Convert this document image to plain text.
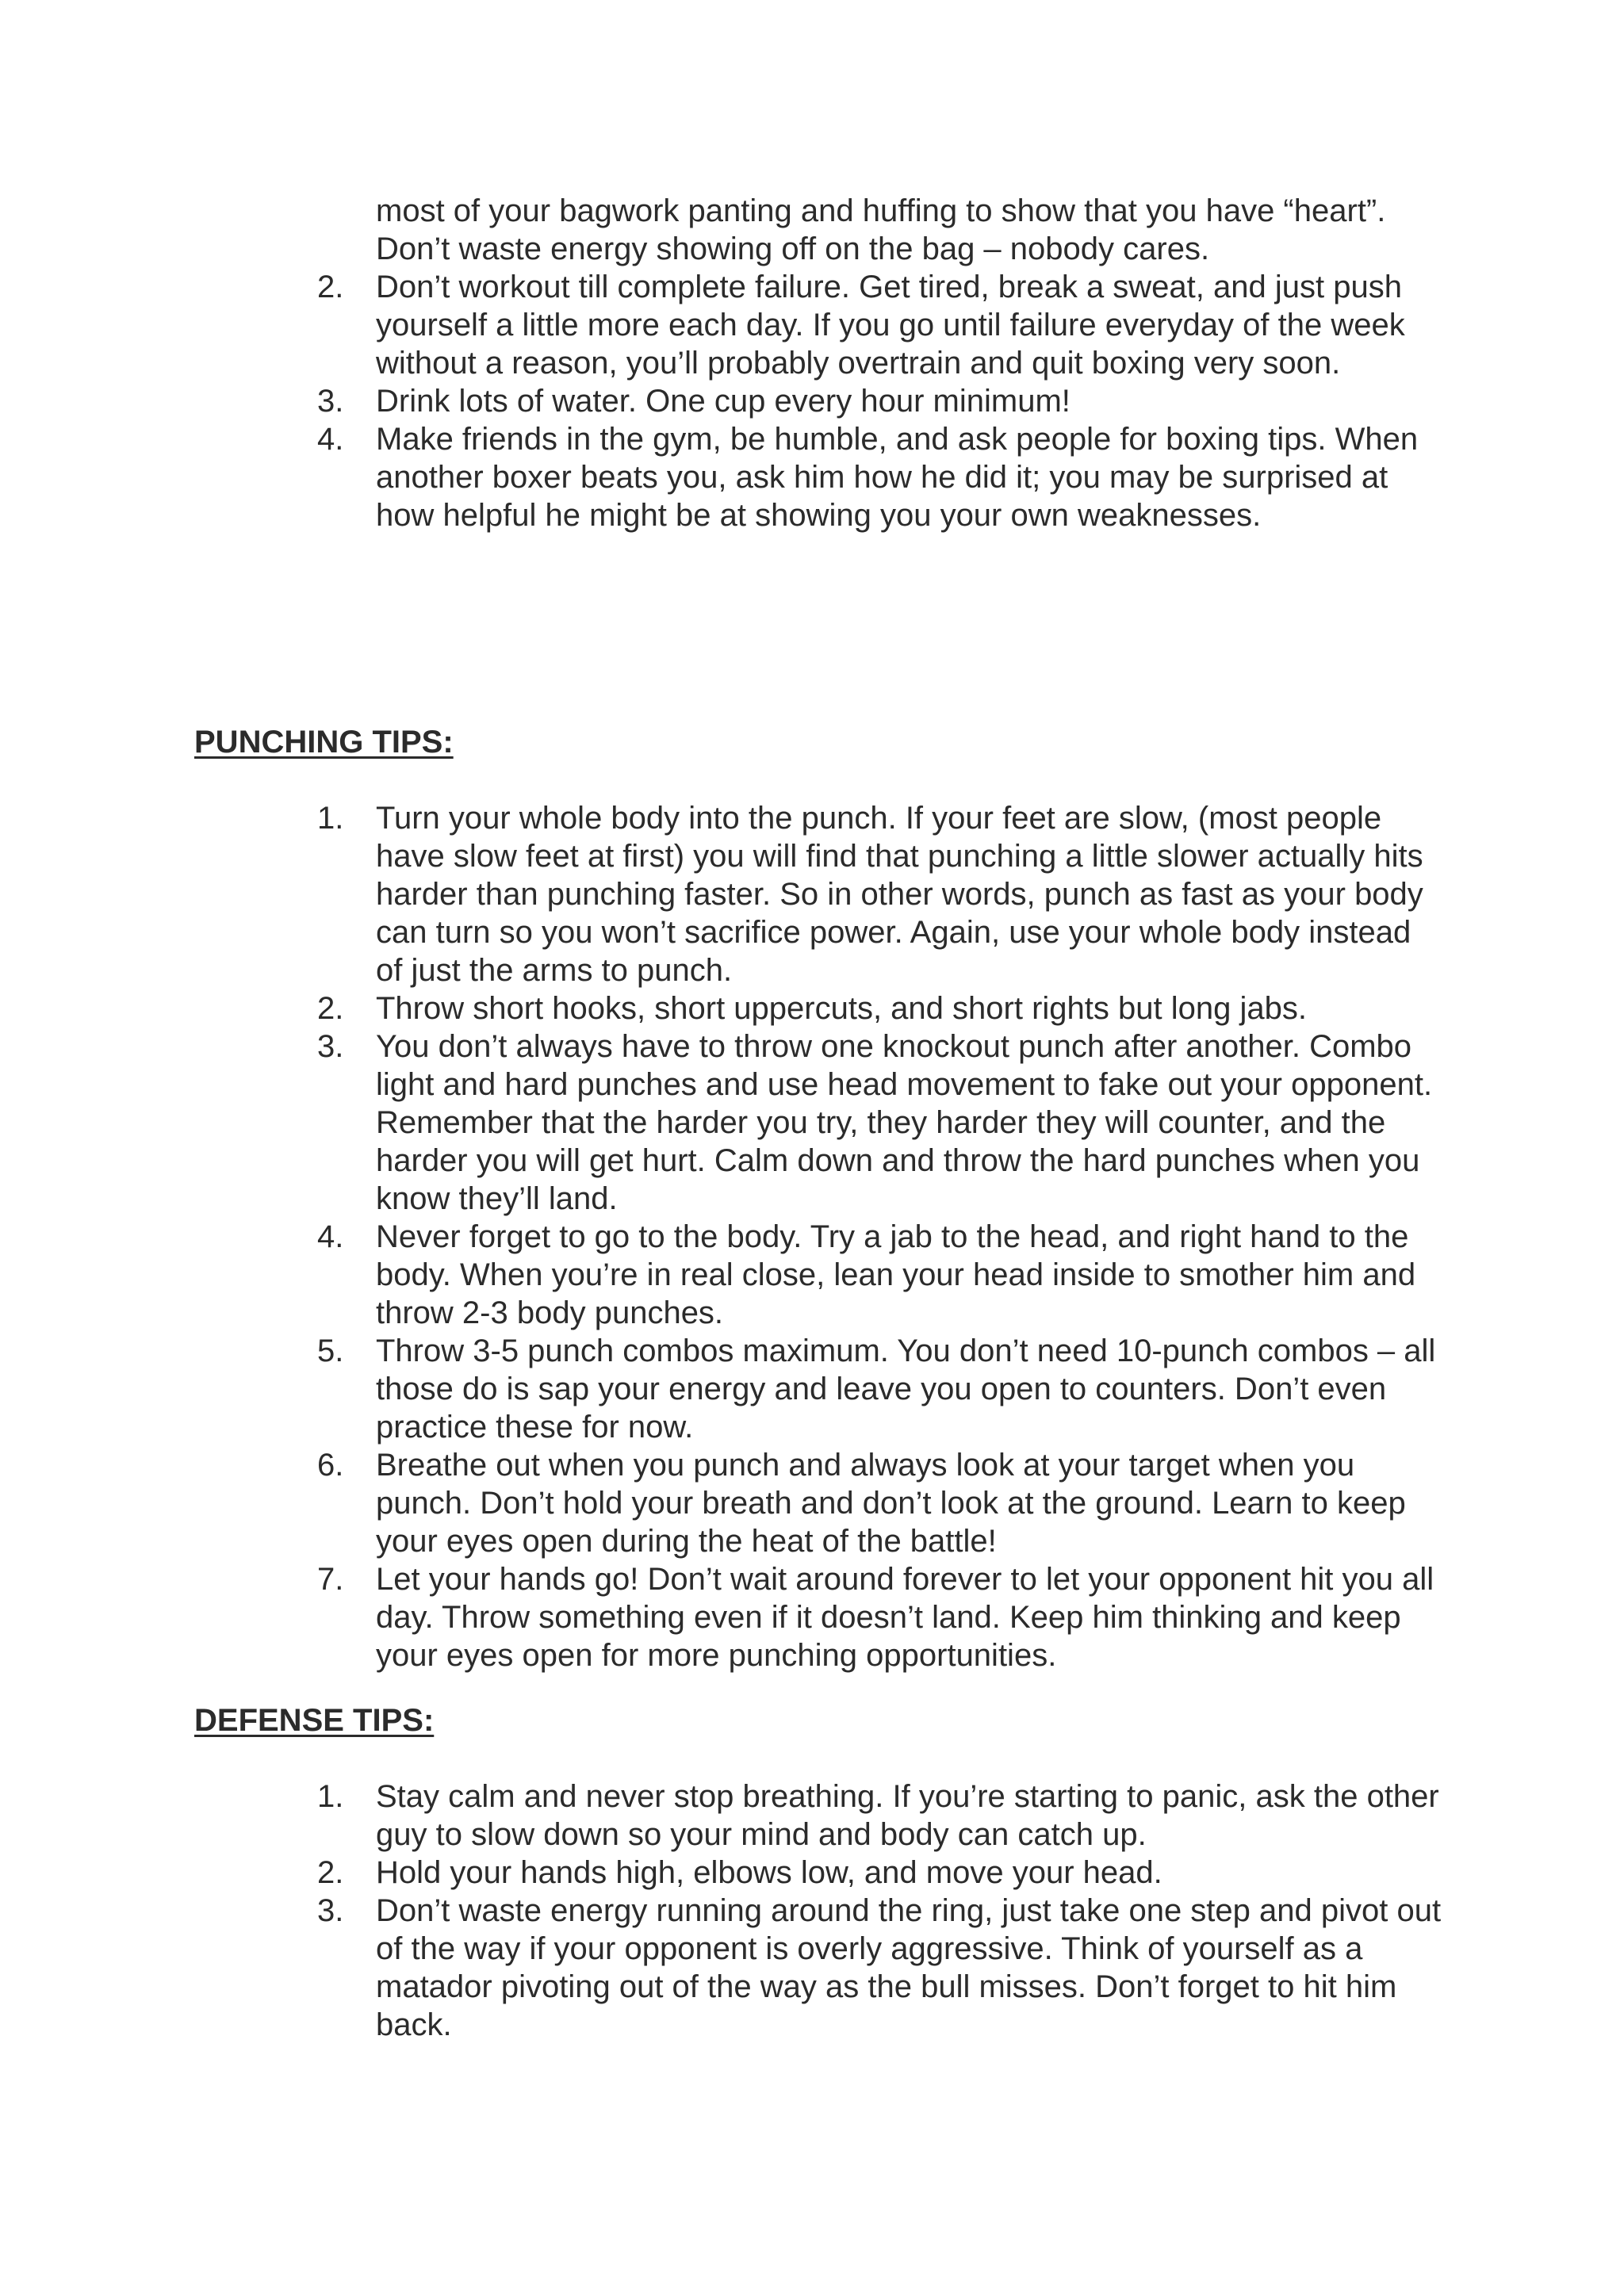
most of your bagwork panting and huffing to show that you have “heart”. Don’t waste energy showing off on the bag – nobody cares.
2.	Don’t workout till complete failure. Get tired, break a sweat, and just push yourself a little more each day. If you go until failure everyday of the week without a reason, you’ll probably overtrain and quit boxing very soon.
3.	Drink lots of water. One cup every hour minimum!
4.	Make friends in the gym, be humble, and ask people for boxing tips. When another boxer beats you, ask him how he did it; you may be surprised at how helpful he might be at showing you your own weaknesses.
PUNCHING TIPS:
1.	Turn your whole body into the punch. If your feet are slow, (most people have slow feet at first) you will find that punching a little slower actually hits harder than punching faster. So in other words, punch as fast as your body can turn so you won’t sacrifice power. Again, use your whole body instead of just the arms to punch.
2.	Throw short hooks, short uppercuts, and short rights but long jabs.
3.	You don’t always have to throw one knockout punch after another. Combo light and hard punches and use head movement to fake out your opponent. Remember that the harder you try, they harder they will counter, and the harder you will get hurt. Calm down and throw the hard punches when you know they’ll land.
4.	Never forget to go to the body. Try a jab to the head, and right hand to the body. When you’re in real close, lean your head inside to smother him and throw 2-3 body punches.
5.	Throw 3-5 punch combos maximum. You don’t need 10-punch combos – all those do is sap your energy and leave you open to counters. Don’t even practice these for now.
6.	Breathe out when you punch and always look at your target when you punch. Don’t hold your breath and don’t look at the ground. Learn to keep your eyes open during the heat of the battle!
7.	Let your hands go! Don’t wait around forever to let your opponent hit you all day. Throw something even if it doesn’t land. Keep him thinking and keep your eyes open for more punching opportunities.
DEFENSE TIPS:
1.	Stay calm and never stop breathing. If you’re starting to panic, ask the other guy to slow down so your mind and body can catch up.
2.	Hold your hands high, elbows low, and move your head.
3.	Don’t waste energy running around the ring, just take one step and pivot out of the way if your opponent is overly aggressive. Think of yourself as a matador pivoting out of the way as the bull misses. Don’t forget to hit him back.
